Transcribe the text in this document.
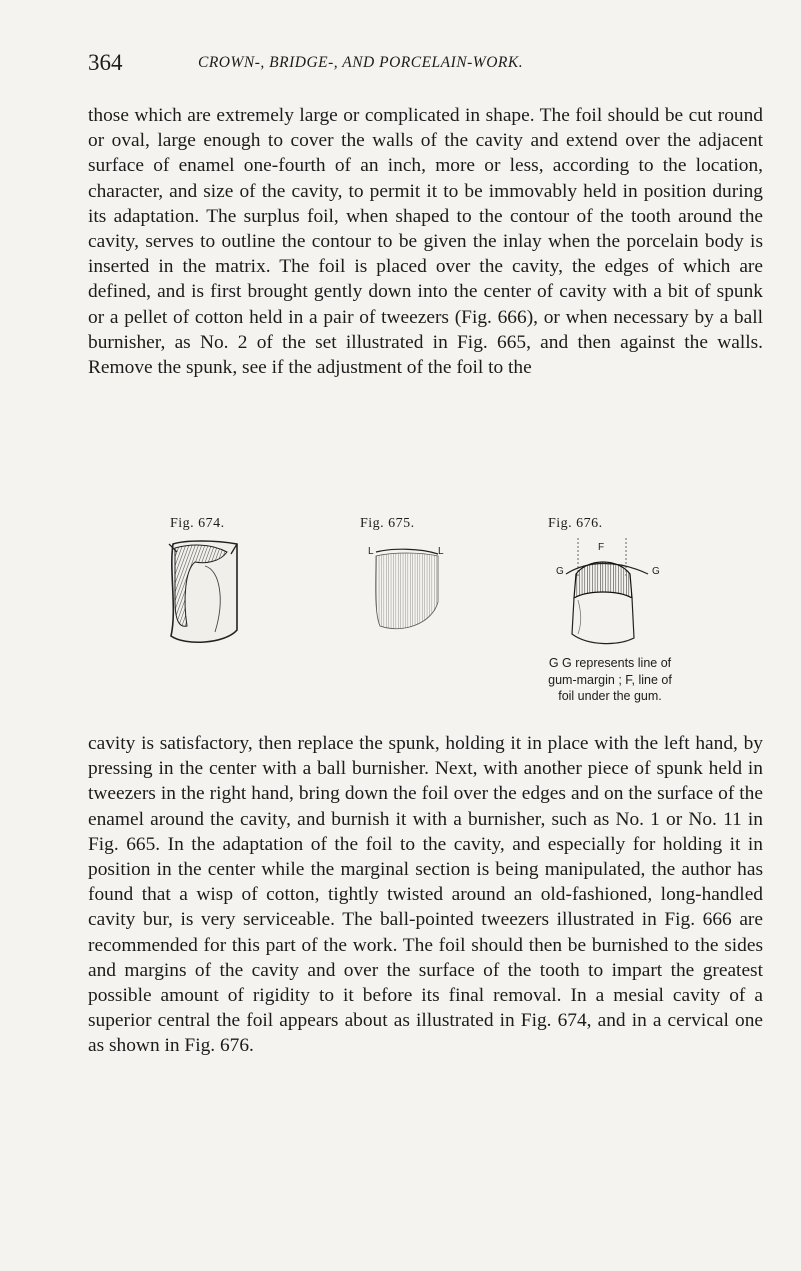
364	CROWN-, BRIDGE-, AND PORCELAIN-WORK.

those which are extremely large or complicated in shape. The foil should be cut round or oval, large enough to cover the walls of the cavity and extend over the adjacent surface of enamel one-fourth of an inch, more or less, according to the location, character, and size of the cavity, to permit it to be immovably held in position during its adaptation. The surplus foil, when shaped to the contour of the tooth around the cavity, serves to outline the contour to be given the inlay when the porcelain body is inserted in the matrix. The foil is placed over the cavity, the edges of which are defined, and is first brought gently down into the center of cavity with a bit of spunk or a pellet of cotton held in a pair of tweezers (Fig. 666), or when necessary by a ball burnisher, as No. 2 of the set illustrated in Fig. 665, and then against the walls. Remove the spunk, see if the adjustment of the foil to the

Fig. 674.	Fig. 675.
L	L
Fig. 676.
F
G	G
G G represents line of gum-margin ; F, line of foil under the gum.

cavity is satisfactory, then replace the spunk, holding it in place with the left hand, by pressing in the center with a ball burnisher. Next, with another piece of spunk held in tweezers in the right hand, bring down the foil over the edges and on the surface of the enamel around the cavity, and burnish it with a burnisher, such as No. 1 or No. 11 in Fig. 665. In the adaptation of the foil to the cavity, and especially for holding it in position in the center while the marginal section is being manipulated, the author has found that a wisp of cotton, tightly twisted around an old-fashioned, long-handled cavity bur, is very serviceable. The ball-pointed tweezers illustrated in Fig. 666 are recommended for this part of the work. The foil should then be burnished to the sides and margins of the cavity and over the surface of the tooth to impart the greatest possible amount of rigidity to it before its final removal. In a mesial cavity of a superior central the foil appears about as illustrated in Fig. 674, and in a cervical one as shown in Fig. 676.
